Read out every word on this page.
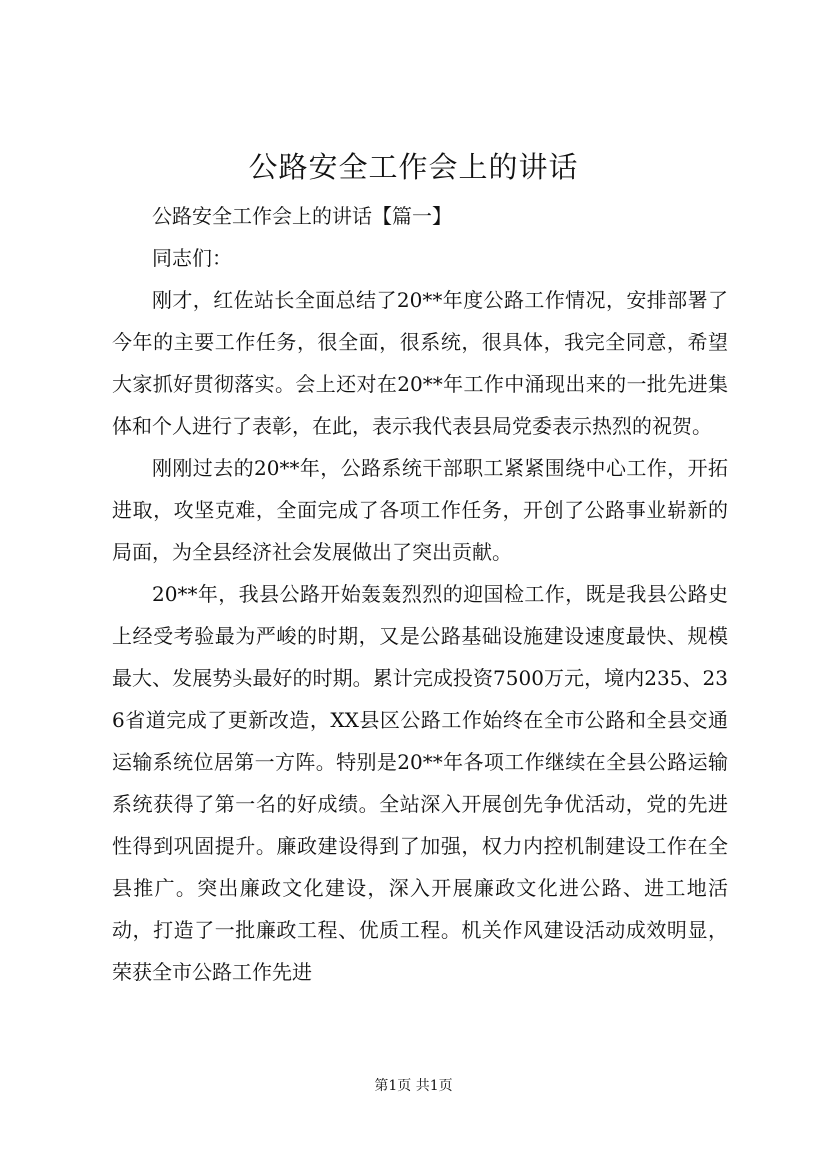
公路安全工作会上的讲话

公路安全工作会上的讲话【篇一】

同志们：

刚才，红佐站长全面总结了20**年度公路工作情况，安排部署了今年的主要工作任务，很全面，很系统，很具体，我完全同意，希望大家抓好贯彻落实。会上还对在20**年工作中涌现出来的一批先进集体和个人进行了表彰，在此，表示我代表县局党委表示热烈的祝贺。

刚刚过去的20**年，公路系统干部职工紧紧围绕中心工作，开拓进取，攻坚克难，全面完成了各项工作任务，开创了公路事业崭新的局面，为全县经济社会发展做出了突出贡献。

20**年，我县公路开始轰轰烈烈的迎国检工作，既是我县公路史上经受考验最为严峻的时期，又是公路基础设施建设速度最快、规模最大、发展势头最好的时期。累计完成投资7500万元，境内235、236省道完成了更新改造，XX县区公路工作始终在全市公路和全县交通运输系统位居第一方阵。特别是20**年各项工作继续在全县公路运输系统获得了第一名的好成绩。全站深入开展创先争优活动，党的先进性得到巩固提升。廉政建设得到了加强，权力内控机制建设工作在全县推广。突出廉政文化建设，深入开展廉政文化进公路、进工地活动，打造了一批廉政工程、优质工程。机关作风建设活动成效明显，荣获全市公路工作先进

第1页 共1页
